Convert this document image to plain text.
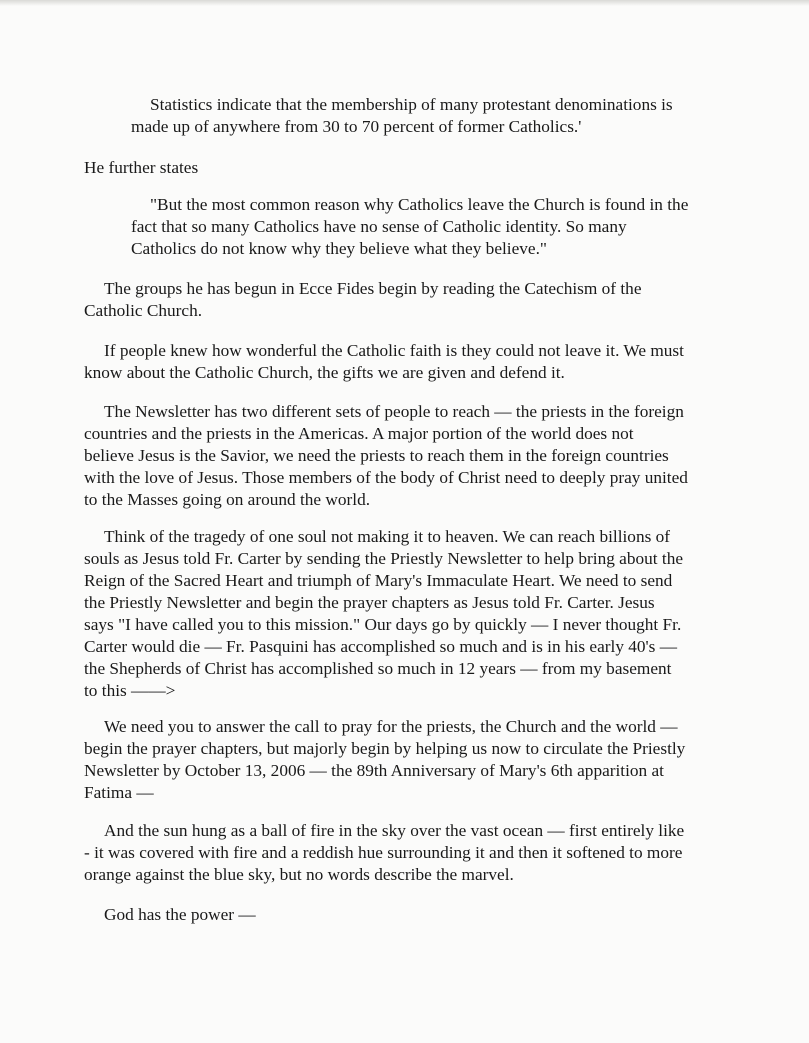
Statistics indicate that the membership of many protestant denominations is
made up of anywhere from 30 to 70 percent of former Catholics.'
He further states
"But the most common reason why Catholics leave the Church is found in the
fact that so many Catholics have no sense of Catholic identity. So many
Catholics do not know why they believe what they believe."
The groups he has begun in Ecce Fides begin by reading the Catechism of the
Catholic Church.
If people knew how wonderful the Catholic faith is they could not leave it. We must
know about the Catholic Church, the gifts we are given and defend it.
The Newsletter has two different sets of people to reach — the priests in the foreign
countries and the priests in the Americas. A major portion of the world does not
believe Jesus is the Savior, we need the priests to reach them in the foreign countries
with the love of Jesus. Those members of the body of Christ need to deeply pray united
to the Masses going on around the world.
Think of the tragedy of one soul not making it to heaven. We can reach billions of
souls as Jesus told Fr. Carter by sending the Priestly Newsletter to help bring about the
Reign of the Sacred Heart and triumph of Mary's Immaculate Heart. We need to send
the Priestly Newsletter and begin the prayer chapters as Jesus told Fr. Carter. Jesus
says "I have called you to this mission." Our days go by quickly — I never thought Fr.
Carter would die — Fr. Pasquini has accomplished so much and is in his early 40's —
the Shepherds of Christ has accomplished so much in 12 years — from my basement
to this ——>
We need you to answer the call to pray for the priests, the Church and the world —
begin the prayer chapters, but majorly begin by helping us now to circulate the Priestly
Newsletter by October 13, 2006 — the 89th Anniversary of Mary's 6th apparition at
Fatima —
And the sun hung as a ball of fire in the sky over the vast ocean — first entirely like
- it was covered with fire and a reddish hue surrounding it and then it softened to more
orange against the blue sky, but no words describe the marvel.
God has the power —
